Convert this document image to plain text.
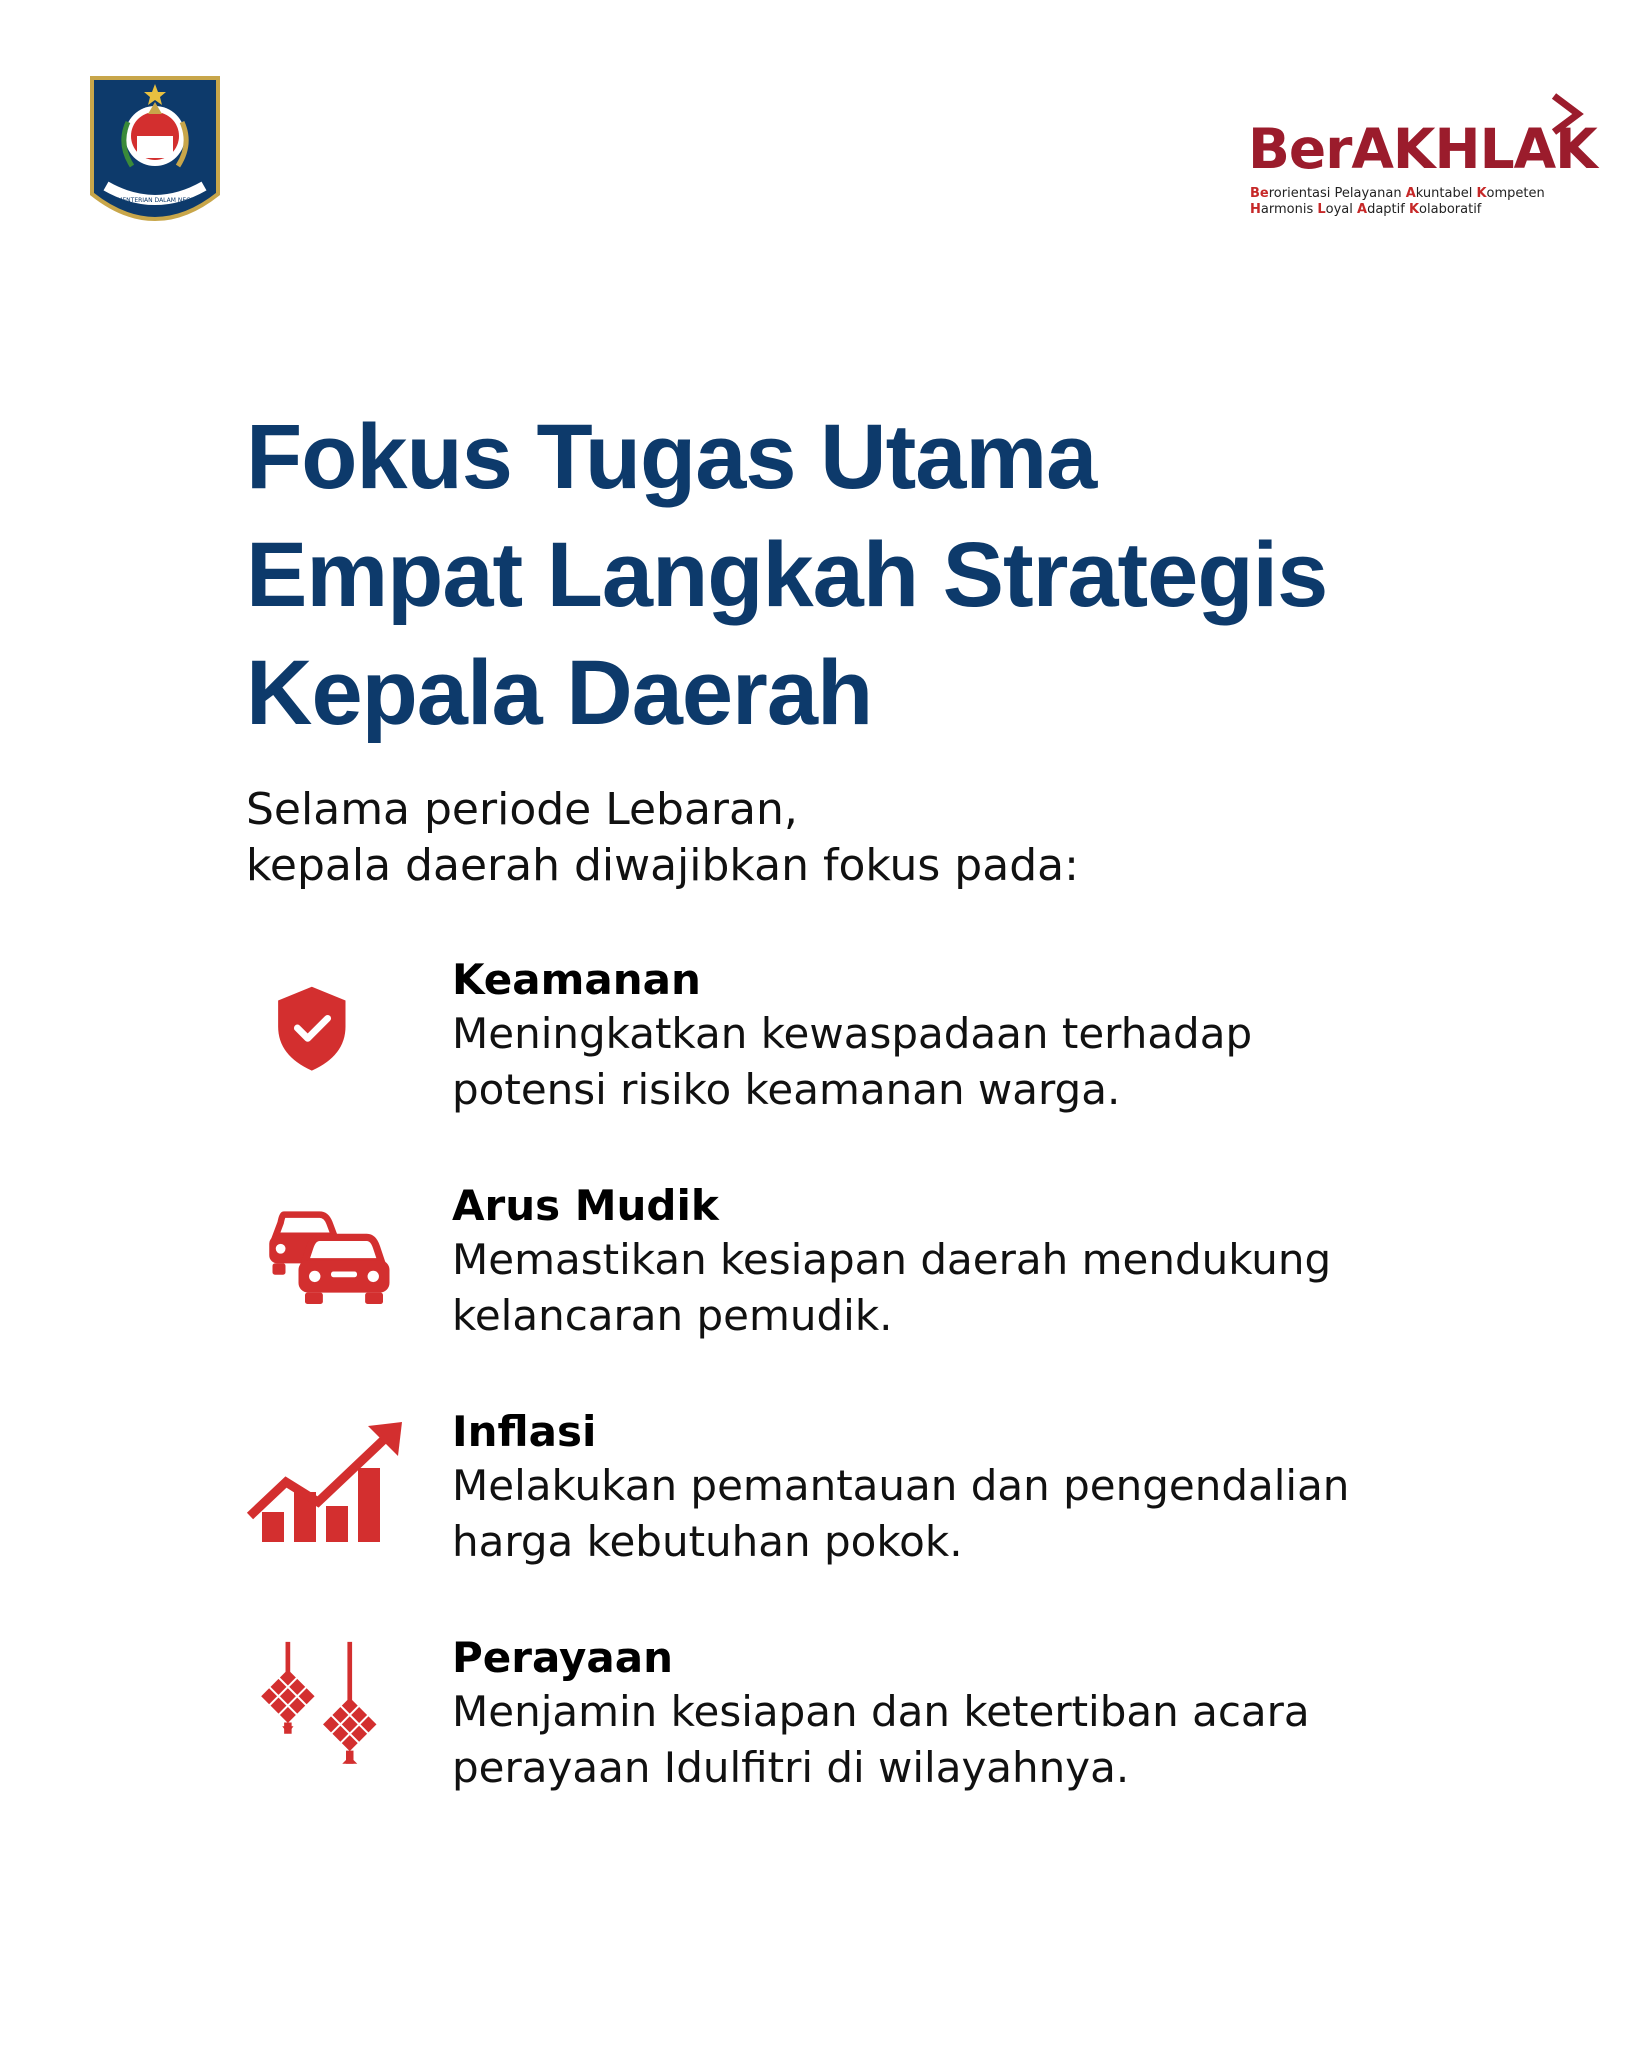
KEMENTERIAN DALAM NEGERI
BerAKHLAK
Berorientasi Pelayanan Akuntabel Kompeten
Harmonis Loyal Adaptif Kolaboratif
Fokus Tugas Utama
Empat Langkah Strategis
Kepala Daerah
Selama periode Lebaran,
kepala daerah diwajibkan fokus pada:
Keamanan
Meningkatkan kewaspadaan terhadap
potensi risiko keamanan warga.
Arus Mudik
Memastikan kesiapan daerah mendukung
kelancaran pemudik.
Inflasi
Melakukan pemantauan dan pengendalian
harga kebutuhan pokok.
Perayaan
Menjamin kesiapan dan ketertiban acara
perayaan Idulfitri di wilayahnya.
